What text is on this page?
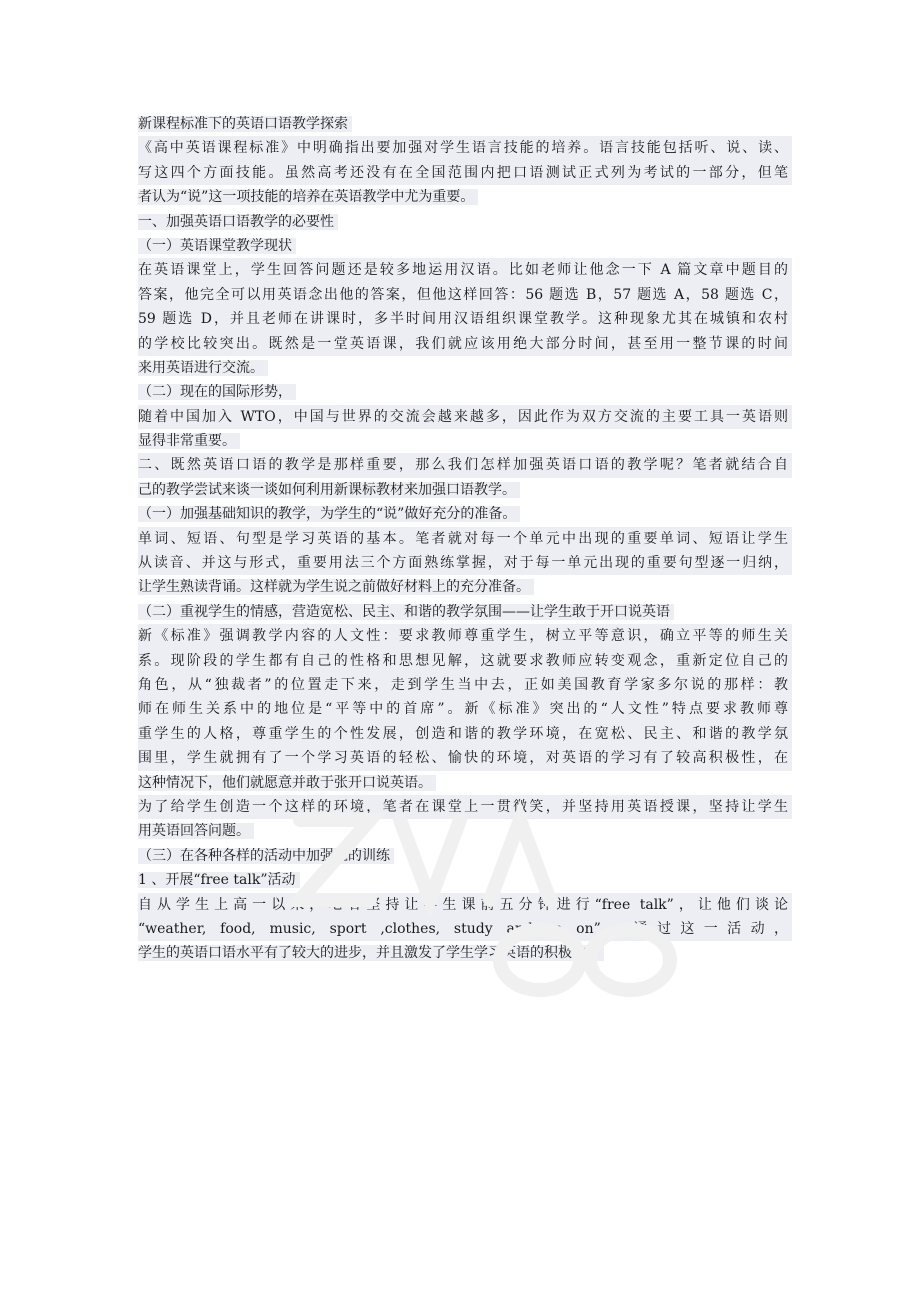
新课程标准下的英语口语教学探索
《高中英语课程标准》中明确指出要加强对学生语言技能的培养。语言技能包括听、说、读、
写这四个方面技能。虽然高考还没有在全国范围内把口语测试正式列为考试的一部分，但笔
者认为“说”这一项技能的培养在英语教学中尤为重要。
一、加强英语口语教学的必要性
（一）英语课堂教学现状
在英语课堂上，学生回答问题还是较多地运用汉语。比如老师让他念一下 A 篇文章中题目的
答案，他完全可以用英语念出他的答案，但他这样回答：56 题选 B，57 题选 A，58 题选 C，
59 题选 D，并且老师在讲课时，多半时间用汉语组织课堂教学。这种现象尤其在城镇和农村
的学校比较突出。既然是一堂英语课，我们就应该用绝大部分时间，甚至用一整节课的时间
来用英语进行交流。
（二）现在的国际形势，
随着中国加入 WTO，中国与世界的交流会越来越多，因此作为双方交流的主要工具一英语则
显得非常重要。
二、既然英语口语的教学是那样重要，那么我们怎样加强英语口语的教学呢？笔者就结合自
己的教学尝试来谈一谈如何利用新课标教材来加强口语教学。
（一）加强基础知识的教学，为学生的“说”做好充分的准备。
单词、短语、句型是学习英语的基本。笔者就对每一个单元中出现的重要单词、短语让学生
从读音、并这与形式，重要用法三个方面熟练掌握，对于每一单元出现的重要句型逐一归纳，
让学生熟读背诵。这样就为学生说之前做好材料上的充分准备。
（二）重视学生的情感，营造宽松、民主、和谐的教学氛围——让学生敢于开口说英语
新《标准》强调教学内容的人文性：要求教师尊重学生，树立平等意识，确立平等的师生关
系。现阶段的学生都有自己的性格和思想见解，这就要求教师应转变观念，重新定位自己的
角色，从“独裁者”的位置走下来，走到学生当中去，正如美国教育学家多尔说的那样：教
师在师生关系中的地位是“平等中的首席”。新《标准》突出的“人文性”特点要求教师尊
重学生的人格，尊重学生的个性发展，创造和谐的教学环境，在宽松、民主、和谐的教学氛
围里，学生就拥有了一个学习英语的轻松、愉快的环境，对英语的学习有了较高积极性，在
这种情况下，他们就愿意并敢于张开口说英语。
为了给学生创造一个这样的环境，笔者在课堂上一贯微笑，并坚持用英语授课，坚持让学生
用英语回答问题。
（三）在各种各样的活动中加强说的训练
1 、开展“free talk”活动
自从学生上高一以来，笔者坚持让学生课前五分钟进行“free talk”，让他们谈论
“weather, food, music, sport ,clothes, study and so on”。通过这一活动，
学生的英语口语水平有了较大的进步，并且激发了学生学习英语的积极性。
